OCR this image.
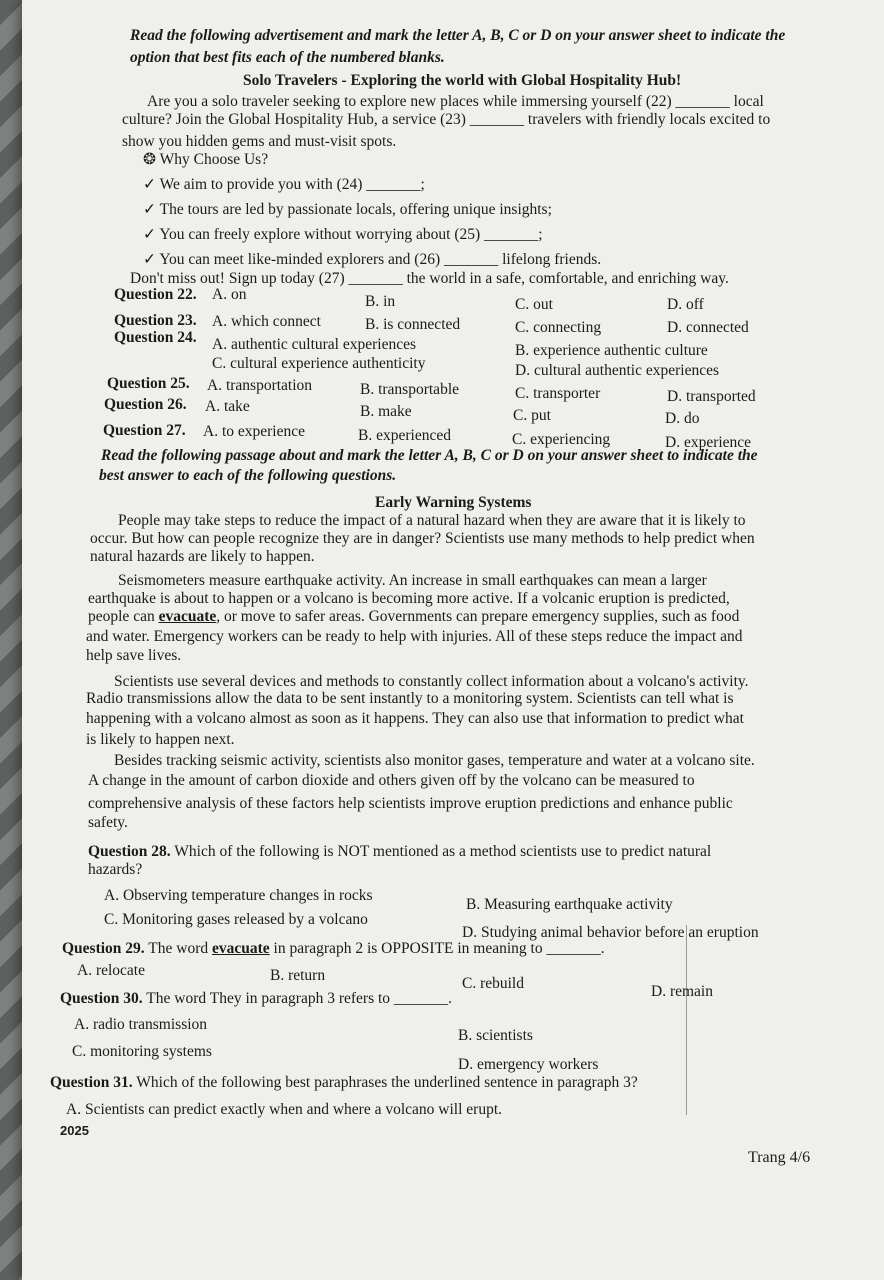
Read the following advertisement and mark the letter A, B, C or D on your answer sheet to indicate the
option that best fits each of the numbered blanks.
Solo Travelers - Exploring the world with Global Hospitality Hub!
Are you a solo traveler seeking to explore new places while immersing yourself (22) _______ local
culture? Join the Global Hospitality Hub, a service (23) _______ travelers with friendly locals excited to
show you hidden gems and must-visit spots.
❂ Why Choose Us?
✓ We aim to provide you with (24) _______;
✓ The tours are led by passionate locals, offering unique insights;
✓ You can freely explore without worrying about (25) _______;
✓ You can meet like-minded explorers and (26) _______ lifelong friends.
Don't miss out! Sign up today (27) _______ the world in a safe, comfortable, and enriching way.
Question 22. A. on	B. in	C. out	D. off
Question 23. A. which connect	B. is connected	C. connecting	D. connected
Question 24. A. authentic cultural experiences	B. experience authentic culture
C. cultural experience authenticity	D. cultural authentic experiences
Question 25. A. transportation	B. transportable	C. transporter	D. transported
Question 26. A. take	B. make	C. put	D. do
Question 27. A. to experience	B. experienced	C. experiencing	D. experience
Read the following passage about and mark the letter A, B, C or D on your answer sheet to indicate the
best answer to each of the following questions.
Early Warning Systems
People may take steps to reduce the impact of a natural hazard when they are aware that it is likely to
occur. But how can people recognize they are in danger? Scientists use many methods to help predict when
natural hazards are likely to happen.
Seismometers measure earthquake activity. An increase in small earthquakes can mean a larger
earthquake is about to happen or a volcano is becoming more active. If a volcanic eruption is predicted,
people can evacuate, or move to safer areas. Governments can prepare emergency supplies, such as food
and water. Emergency workers can be ready to help with injuries. All of these steps reduce the impact and
help save lives.
Scientists use several devices and methods to constantly collect information about a volcano's activity.
Radio transmissions allow the data to be sent instantly to a monitoring system. Scientists can tell what is
happening with a volcano almost as soon as it happens. They can also use that information to predict what
is likely to happen next.
Besides tracking seismic activity, scientists also monitor gases, temperature and water at a volcano site.
A change in the amount of carbon dioxide and others given off by the volcano can be measured to
comprehensive analysis of these factors help scientists improve eruption predictions and enhance public
safety.
Question 28. Which of the following is NOT mentioned as a method scientists use to predict natural
hazards?
A. Observing temperature changes in rocks
B. Measuring earthquake activity
C. Monitoring gases released by a volcano
D. Studying animal behavior before an eruption
Question 29. The word evacuate in paragraph 2 is OPPOSITE in meaning to _______.
A. relocate	B. return	C. rebuild	D. remain
Question 30. The word They in paragraph 3 refers to _______.
A. radio transmission
B. scientists
C. monitoring systems
D. emergency workers
Question 31. Which of the following best paraphrases the underlined sentence in paragraph 3?
A. Scientists can predict exactly when and where a volcano will erupt.
2025
Trang 4/6
